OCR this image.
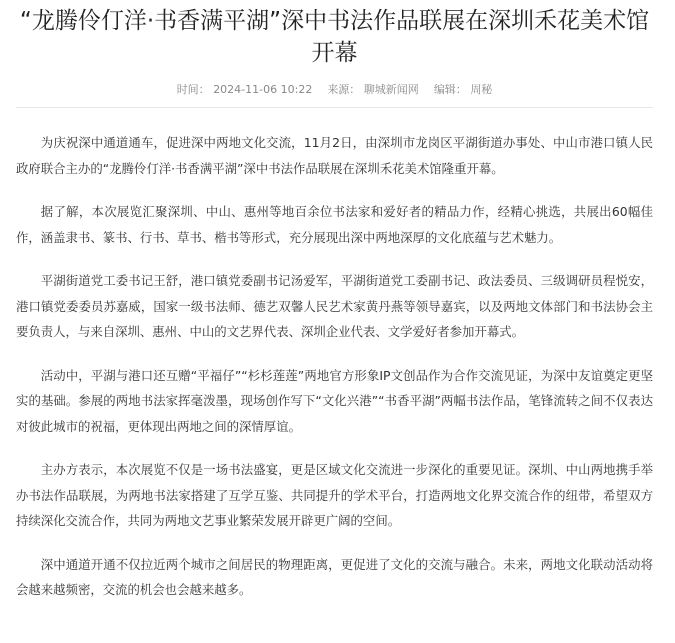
“龙腾伶仃洋·书香满平湖”深中书法作品联展在深圳禾花美术馆开幕
时间： 2024-11-06 10:22 来源： 聊城新闻网 编辑： 周秘

为庆祝深中通道通车，促进深中两地文化交流，11月2日，由深圳市龙岗区平湖街道办事处、中山市港口镇人民政府联合主办的“龙腾伶仃洋·书香满平湖”深中书法作品联展在深圳禾花美术馆隆重开幕。

据了解，本次展览汇聚深圳、中山、惠州等地百余位书法家和爱好者的精品力作，经精心挑选，共展出60幅佳作，涵盖隶书、篆书、行书、草书、楷书等形式，充分展现出深中两地深厚的文化底蕴与艺术魅力。

平湖街道党工委书记王舒，港口镇党委副书记汤爱军，平湖街道党工委副书记、政法委员、三级调研员程悦安，港口镇党委委员苏嘉威，国家一级书法师、德艺双馨人民艺术家黄丹燕等领导嘉宾，以及两地文体部门和书法协会主要负责人，与来自深圳、惠州、中山的文艺界代表、深圳企业代表、文学爱好者参加开幕式。

活动中，平湖与港口还互赠“平福仔”“杉杉莲莲”两地官方形象IP文创品作为合作交流见证，为深中友谊奠定更坚实的基础。参展的两地书法家挥毫泼墨，现场创作写下“文化兴港”“书香平湖”两幅书法作品，笔锋流转之间不仅表达对彼此城市的祝福，更体现出两地之间的深情厚谊。

主办方表示，本次展览不仅是一场书法盛宴，更是区域文化交流进一步深化的重要见证。深圳、中山两地携手举办书法作品联展，为两地书法家搭建了互学互鉴、共同提升的学术平台，打造两地文化界交流合作的纽带，希望双方持续深化交流合作，共同为两地文艺事业繁荣发展开辟更广阔的空间。

深中通道开通不仅拉近两个城市之间居民的物理距离，更促进了文化的交流与融合。未来，两地文化联动活动将会越来越频密，交流的机会也会越来越多。
